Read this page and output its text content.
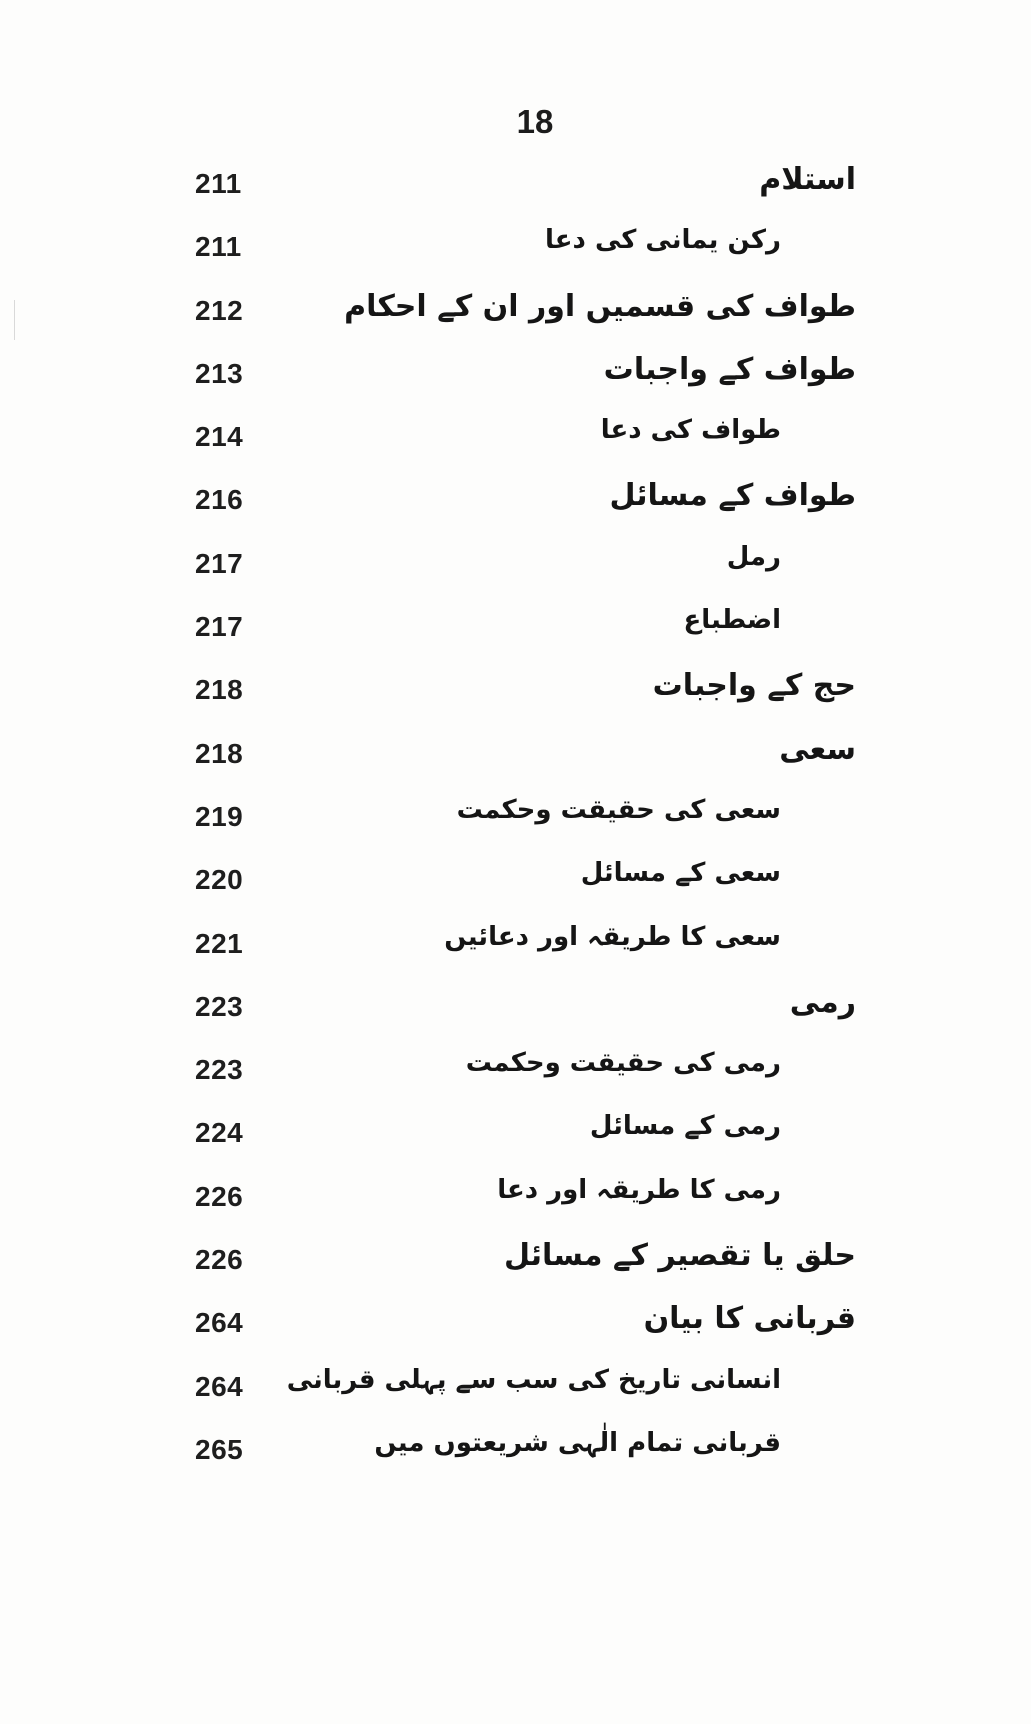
18
211	استلام
211	رکن یمانی کی دعا
212	طواف کی قسمیں اور ان کے احکام
213	طواف کے واجبات
214	طواف کی دعا
216	طواف کے مسائل
217	رمل
217	اضطباع
218	حج کے واجبات
218	سعی
219	سعی کی حقیقت وحکمت
220	سعی کے مسائل
221	سعی کا طریقہ اور دعائیں
223	رمی
223	رمی کی حقیقت وحکمت
224	رمی کے مسائل
226	رمی کا طریقہ اور دعا
226	حلق یا تقصیر کے مسائل
264	قربانی کا بیان
264 انسانی تاریخ کی سب سے پہلی قربانی
265	قربانی تمام الٰہی شریعتوں میں
